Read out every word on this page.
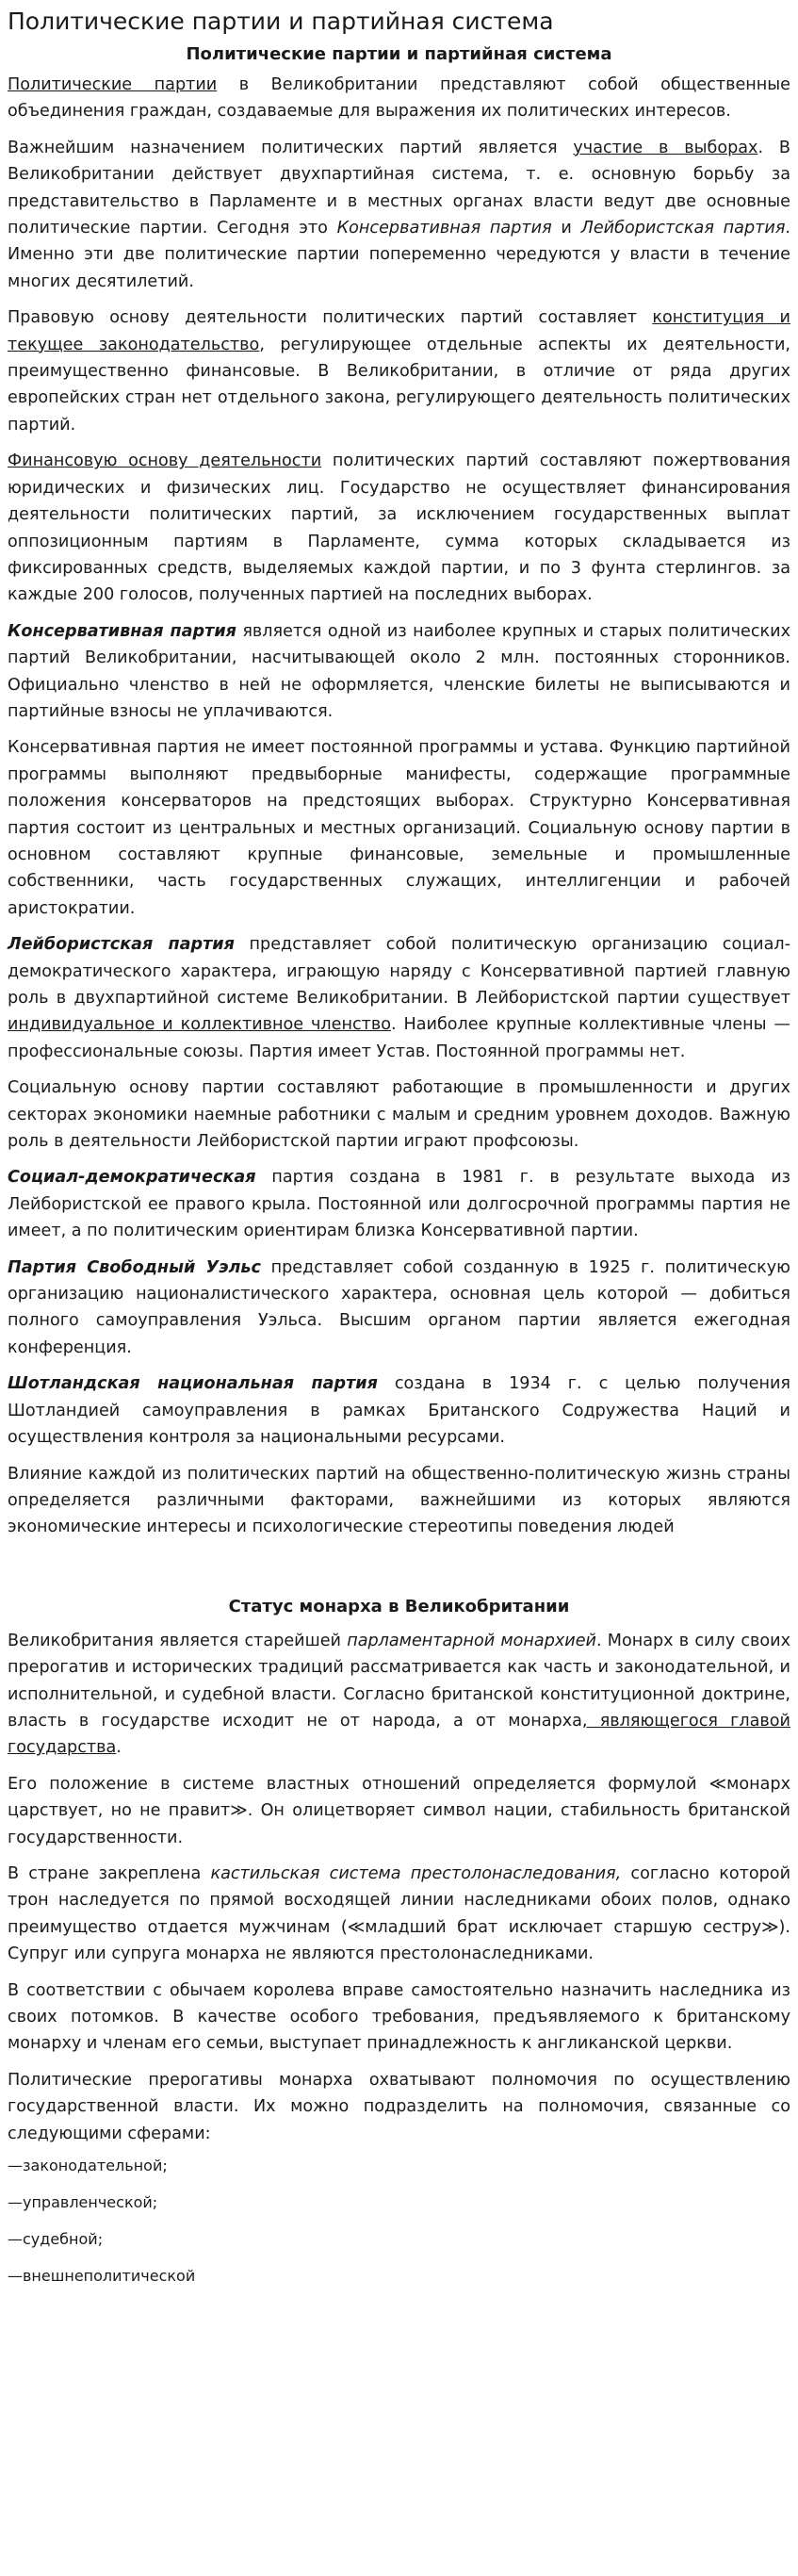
Политические партии и партийная система
Политические партии и партийная система

Политические партии в Великобритании представляют собой общественные объединения граждан, создаваемые для выражения их политических интересов.

Важнейшим назначением политических партий является участие в выборах. В Великобритании действует двухпартийная система, т. е. основную борьбу за представительство в Парламенте и в местных органах власти ведут две основные политические партии. Сегодня это Консервативная партия и Лейбористская партия. Именно эти две политические партии попеременно чередуются у власти в течение многих десятилетий.

Правовую основу деятельности политических партий составляет конституция и текущее законодательство, регулирующее отдельные аспекты их деятельности, преимущественно финансовые. В Великобритании, в отличие от ряда других европейских стран нет отдельного закона, регулирующего деятельность политических партий.

Финансовую основу деятельности политических партий составляют пожертвования юридических и физических лиц. Государство не осуществляет финансирования деятельности политических партий, за исключением государственных выплат оппозиционным партиям в Парламенте, сумма которых складывается из фиксированных средств, выделяемых каждой партии, и по 3 фунта стерлингов. за каждые 200 голосов, полученных партией на последних выборах.

Консервативная партия является одной из наиболее крупных и старых политических партий Великобритании, насчитывающей около 2 млн. постоянных сторонников. Официально членство в ней не оформляется, членские билеты не выписываются и партийные взносы не уплачиваются.

Консервативная партия не имеет постоянной программы и устава. Функцию партийной программы выполняют предвыборные манифесты, содержащие программные положения консерваторов на предстоящих выборах. Структурно Консервативная партия состоит из центральных и местных организаций. Социальную основу партии в основном составляют крупные финансовые, земельные и промышленные собственники, часть государственных служащих, интеллигенции и рабочей аристократии.

Лейбористская партия представляет собой политическую организацию социал-демократического характера, играющую наряду с Консервативной партией главную роль в двухпартийной системе Великобритании. В Лейбористской партии существует индивидуальное и коллективное членство. Наиболее крупные коллективные члены — профессиональные союзы. Партия имеет Устав. Постоянной программы нет.

Социальную основу партии составляют работающие в промышленности и других секторах экономики наемные работники с малым и средним уровнем доходов. Важную роль в деятельности Лейбористской партии играют профсоюзы.

Социал-демократическая партия создана в 1981 г. в результате выхода из Лейбористской ее правого крыла. Постоянной или долгосрочной программы партия не имеет, а по политическим ориентирам близка Консервативной партии.

Партия Свободный Уэльс представляет собой созданную в 1925 г. политическую организацию националистического характера, основная цель которой — добиться полного самоуправления Уэльса. Высшим органом партии является ежегодная конференция.

Шотландская национальная партия создана в 1934 г. с целью получения Шотландией самоуправления в рамках Британского Содружества Наций и осуществления контроля за национальными ресурсами.

Влияние каждой из политических партий на общественно-политическую жизнь страны определяется различными факторами, важнейшими из которых являются экономические интересы и психологические стереотипы поведения людей

Статус монарха в Великобритании

Великобритания является старейшей парламентарной монархией. Монарх в силу своих прерогатив и исторических традиций рассматривается как часть и законодательной, и исполнительной, и судебной власти. Согласно британской конституционной доктрине, власть в государстве исходит не от народа, а от монарха, являющегося главой государства.

Его положение в системе властных отношений определяется формулой ≪монарх царствует, но не правит≫. Он олицетворяет символ нации, стабильность британской государственности.

В стране закреплена кастильская система престолонаследования, согласно которой трон наследуется по прямой восходящей линии наследниками обоих полов, однако преимущество отдается мужчинам (≪младший брат исключает старшую сестру≫). Супруг или супруга монарха не являются престолонаследниками.

В соответствии с обычаем королева вправе самостоятельно назначить наследника из своих потомков. В качестве особого требования, предъявляемого к британскому монарху и членам его семьи, выступает принадлежность к англиканской церкви.

Политические прерогативы монарха охватывают полномочия по осуществлению государственной власти. Их можно подразделить на полномочия, связанные со следующими сферами:

—законодательной;
—управленческой;
—судебной;
—внешнеполитической
